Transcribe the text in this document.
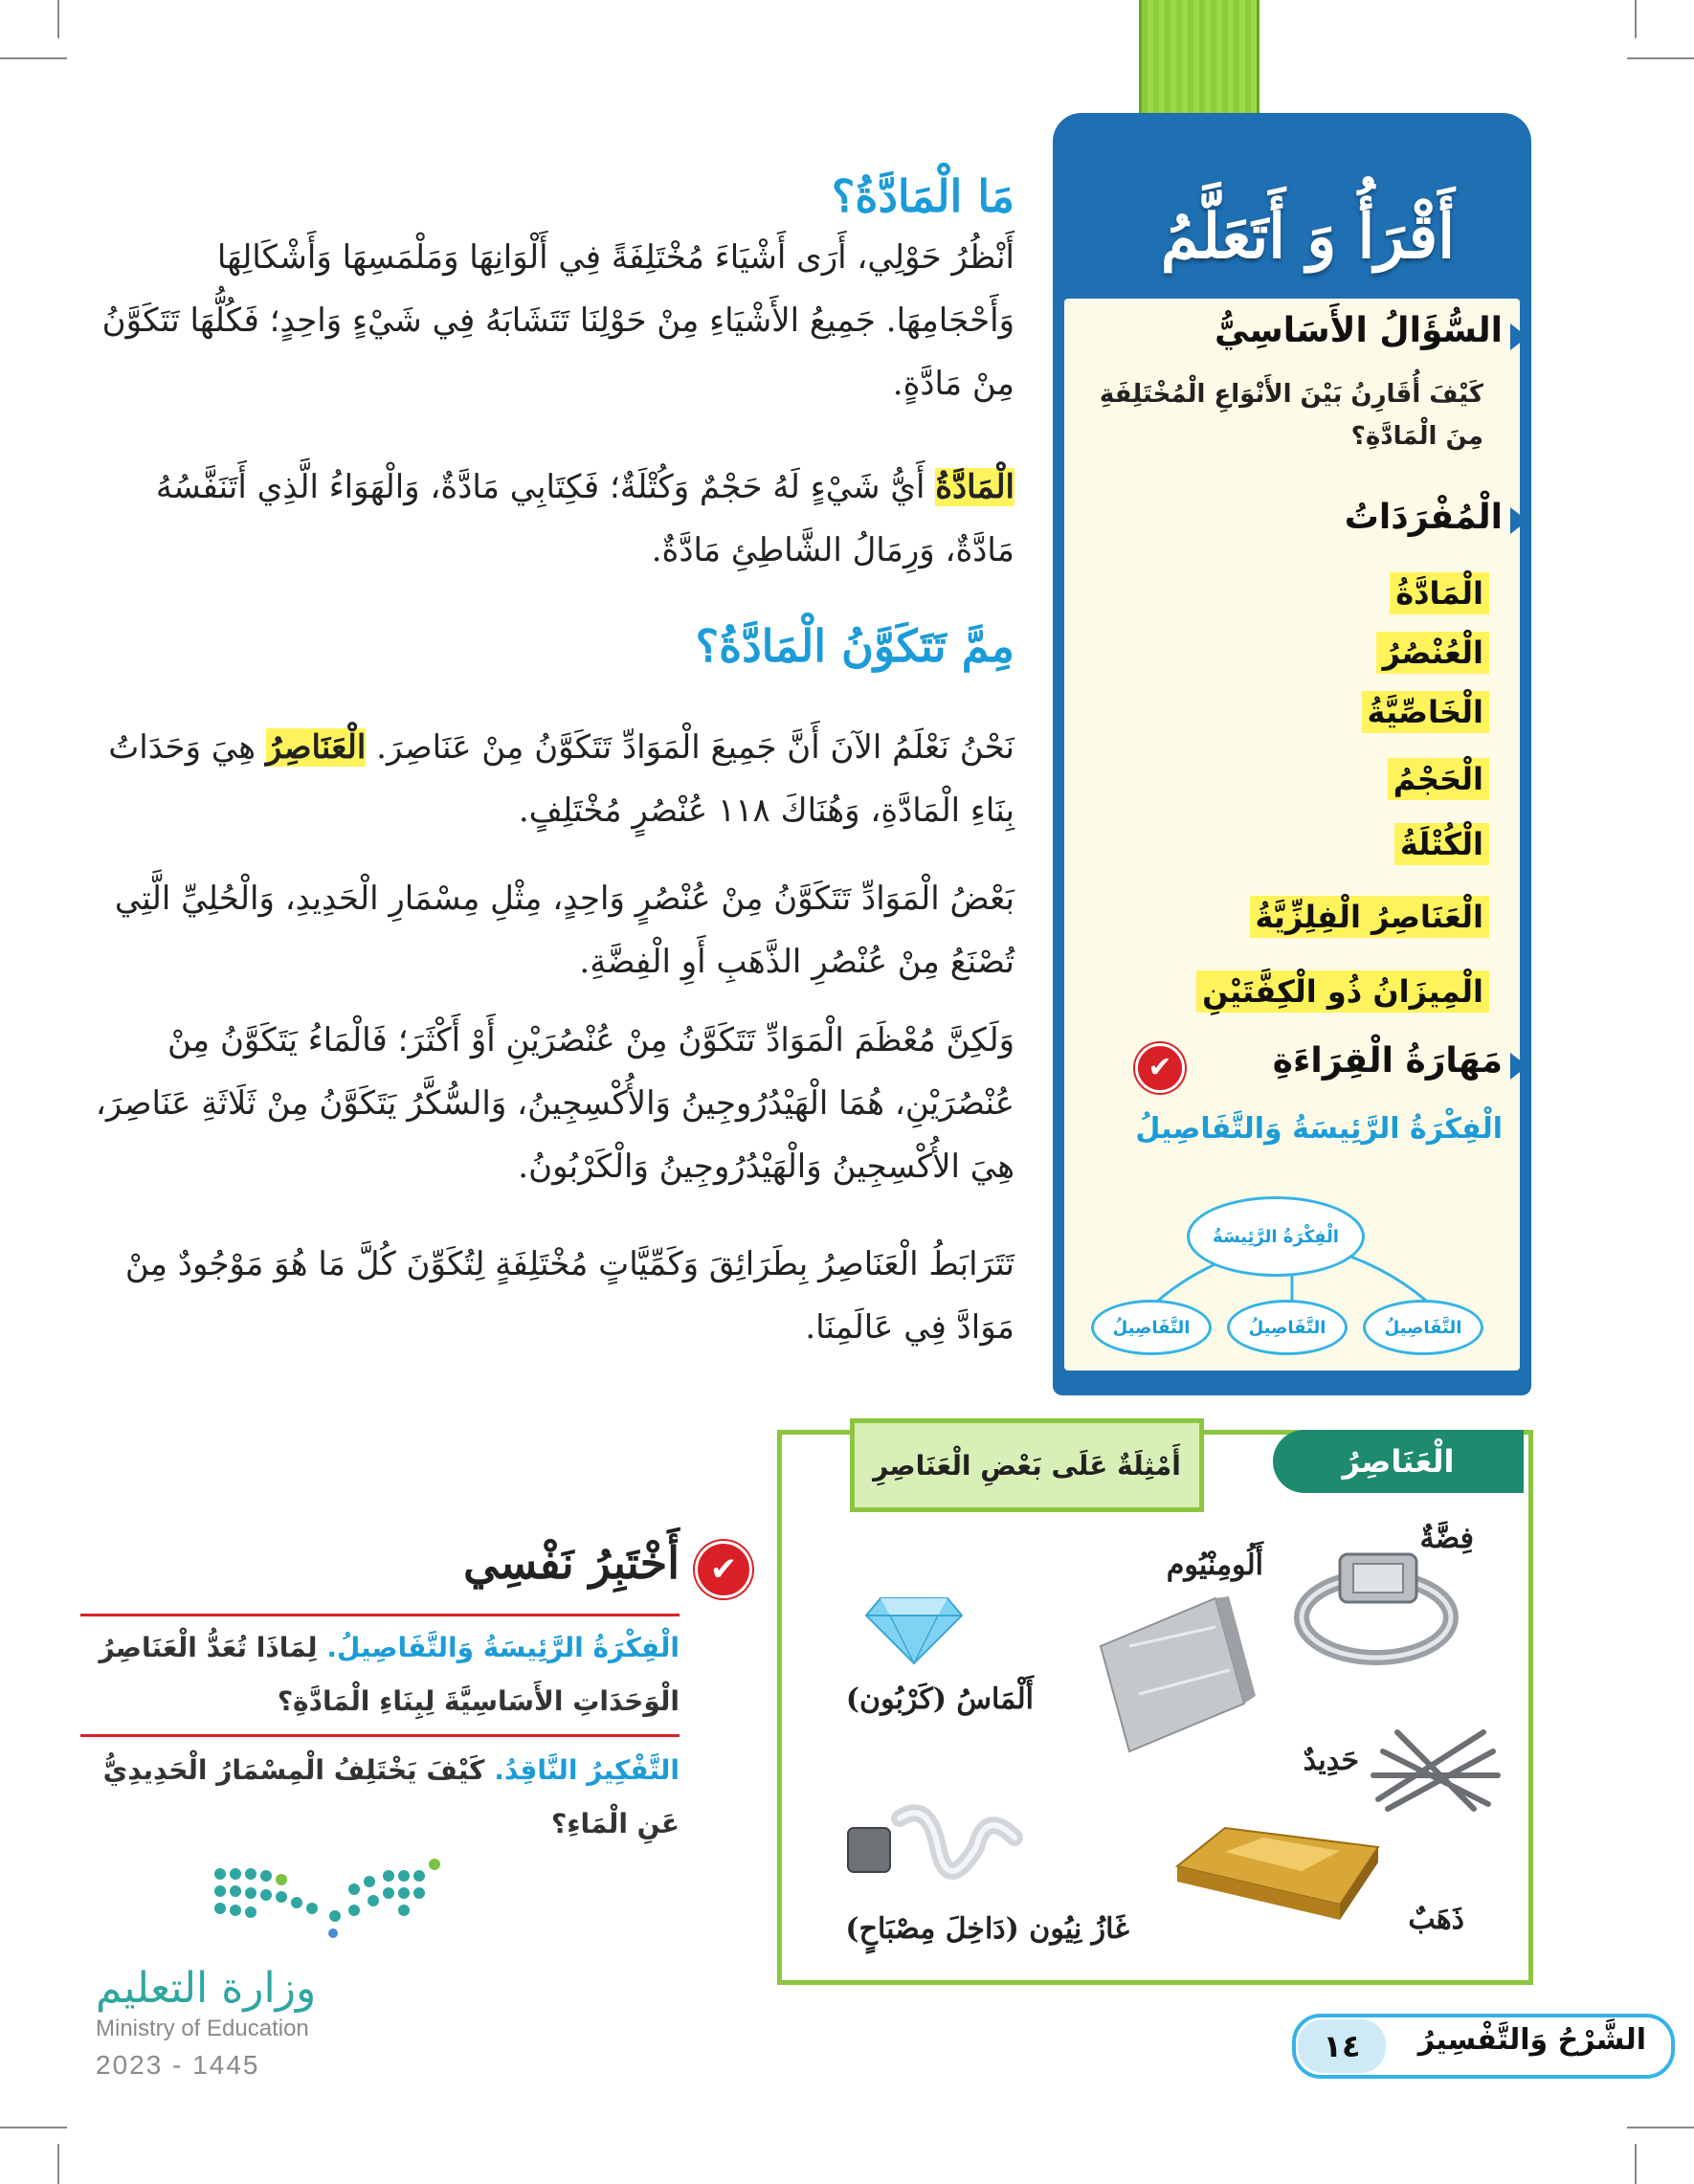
أَقْرَأُ وَ أَتَعَلَّمُ
السُّؤَالُ الأَسَاسِيُّ
كَيْفَ أُقَارِنُ بَيْنَ الأَنْوَاعِ الْمُخْتَلِفَةِ مِنَ الْمَادَّةِ؟
الْمُفْرَدَاتُ
الْمَادَّةُ
الْعُنْصُرُ
الْخَاصِّيَّةُ
الْحَجْمُ
الْكُتْلَةُ
الْعَنَاصِرُ الْفِلِزِّيَّةُ
الْمِيزَانُ ذُو الْكِفَّتَيْنِ
مَهَارَةُ الْقِرَاءَةِ
✔
الْفِكْرَةُ الرَّئِيسَةُ وَالتَّفَاصِيلُ
الْفِكْرَةُ الرَّئِيسَةُ
التَّفَاصِيلُ	التَّفَاصِيلُ	التَّفَاصِيلُ
مَا الْمَادَّةُ؟
أَنْظُرُ حَوْلِي، أَرَى أَشْيَاءَ مُخْتَلِفَةً فِي أَلْوَانِهَا وَمَلْمَسِهَا وَأَشْكَالِهَا وَأَحْجَامِهَا. جَمِيعُ الأَشْيَاءِ مِنْ حَوْلِنَا تَتَشَابَهُ فِي شَيْءٍ وَاحِدٍ؛ فَكُلُّهَا تَتَكَوَّنُ مِنْ مَادَّةٍ.
الْمَادَّةُ أَيُّ شَيْءٍ لَهُ حَجْمٌ وَكُتْلَةٌ؛ فَكِتَابِي مَادَّةٌ، وَالْهَوَاءُ الَّذِي أَتَنَفَّسُهُ مَادَّةٌ، وَرِمَالُ الشَّاطِئِ مَادَّةٌ.
مِمَّ تَتَكَوَّنُ الْمَادَّةُ؟
نَحْنُ نَعْلَمُ الآنَ أَنَّ جَمِيعَ الْمَوَادِّ تَتَكَوَّنُ مِنْ عَنَاصِرَ. الْعَنَاصِرُ هِيَ وَحَدَاتُ بِنَاءِ الْمَادَّةِ، وَهُنَاكَ ١١٨ عُنْصُرٍ مُخْتَلِفٍ.
بَعْضُ الْمَوَادِّ تَتَكَوَّنُ مِنْ عُنْصُرٍ وَاحِدٍ، مِثْلِ مِسْمَارِ الْحَدِيدِ، وَالْحُلِيِّ الَّتِي تُصْنَعُ مِنْ عُنْصُرِ الذَّهَبِ أَوِ الْفِضَّةِ.
وَلَكِنَّ مُعْظَمَ الْمَوَادِّ تَتَكَوَّنُ مِنْ عُنْصُرَيْنِ أَوْ أَكْثَرَ؛ فَالْمَاءُ يَتَكَوَّنُ مِنْ عُنْصُرَيْنِ، هُمَا الْهَيْدُرُوجِينُ وَالأُكْسِجِينُ، وَالسُّكَّرُ يَتَكَوَّنُ مِنْ ثَلَاثَةِ عَنَاصِرَ، هِيَ الأُكْسِجِينُ وَالْهَيْدُرُوجِينُ وَالْكَرْبُونُ.
تَتَرَابَطُ الْعَنَاصِرُ بِطَرَائِقَ وَكَمِّيَّاتٍ مُخْتَلِفَةٍ لِتُكَوِّنَ كُلَّ مَا هُوَ مَوْجُودٌ مِنْ مَوَادَّ فِي عَالَمِنَا.
الْعَنَاصِرُ
أَمْثِلَةٌ عَلَى بَعْضِ الْعَنَاصِرِ
فِضَّةٌ
أَلُومِنْيُوم
أَلْمَاسُ (كَرْبُون)
حَدِيدٌ
ذَهَبٌ
غَازُ نِيُون (دَاخِلَ مِصْبَاحٍ)
✔
أَخْتَبِرُ نَفْسِي
الْفِكْرَةُ الرَّئِيسَةُ وَالتَّفَاصِيلُ. لِمَاذَا تُعَدُّ الْعَنَاصِرُ الْوَحَدَاتِ الأَسَاسِيَّةَ لِبِنَاءِ الْمَادَّةِ؟
التَّفْكِيرُ النَّاقِدُ. كَيْفَ يَخْتَلِفُ الْمِسْمَارُ الْحَدِيدِيُّ عَنِ الْمَاءِ؟
وزارة التعليم
Ministry of Education
2023 - 1445
١٤	الشَّرْحُ وَالتَّفْسِيرُ
